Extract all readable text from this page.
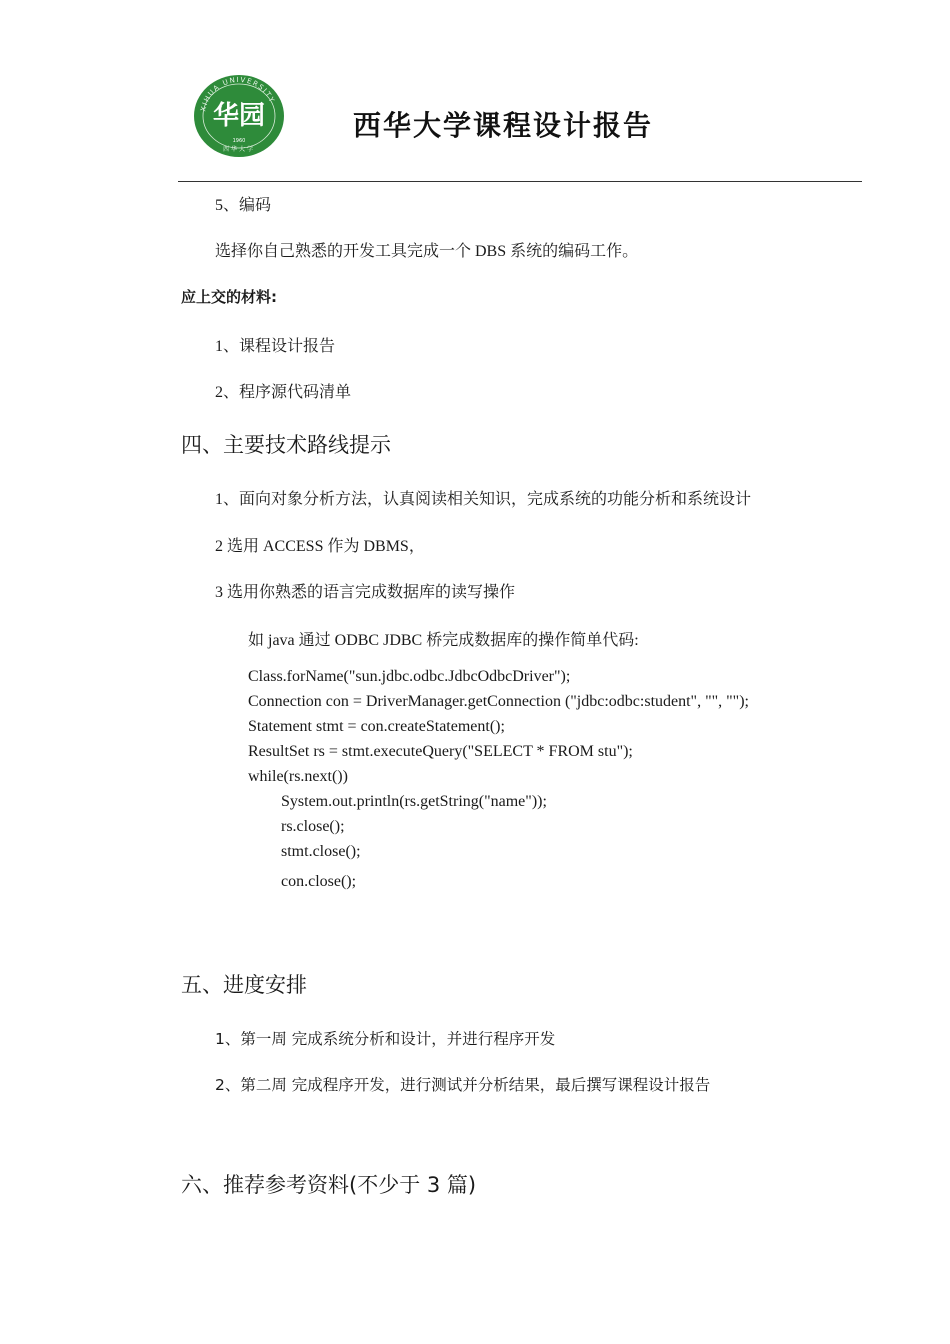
XIHUA UNIVERSITY
华园
1960
西华大学
西华大学课程设计报告
5、编码
选择你自己熟悉的开发工具完成一个 DBS 系统的编码工作。
应上交的材料:
1、课程设计报告
2、程序源代码清单
四、主要技术路线提示
1、面向对象分析方法，认真阅读相关知识，完成系统的功能分析和系统设计
2 选用 ACCESS 作为 DBMS，
3 选用你熟悉的语言完成数据库的读写操作
如 java 通过 ODBC JDBC 桥完成数据库的操作简单代码:
Class.forName("sun.jdbc.odbc.JdbcOdbcDriver");
Connection con = DriverManager.getConnection ("jdbc:odbc:student", "", "");
Statement stmt = con.createStatement();
ResultSet rs = stmt.executeQuery("SELECT * FROM stu");
while(rs.next())
System.out.println(rs.getString("name"));
rs.close();
stmt.close();
con.close();
五、进度安排
1、第一周 完成系统分析和设计，并进行程序开发
2、第二周 完成程序开发，进行测试并分析结果，最后撰写课程设计报告
六、推荐参考资料(不少于 3 篇)
